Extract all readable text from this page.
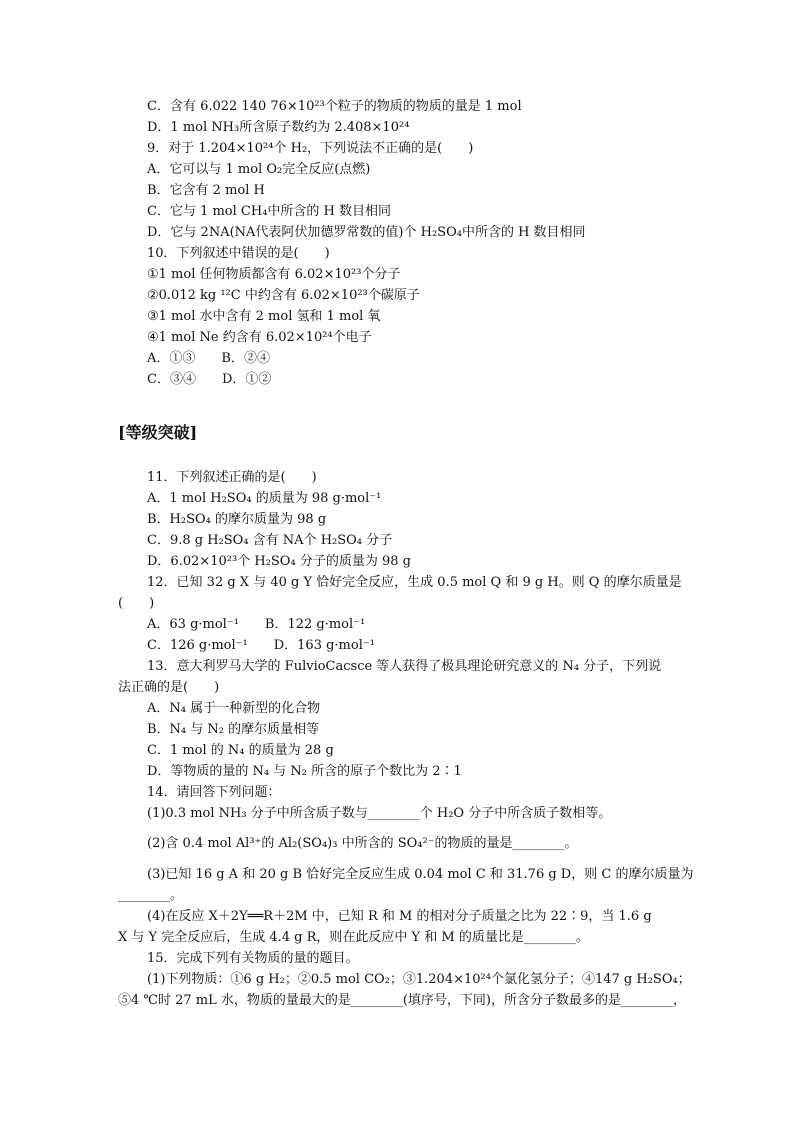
C．含有 6.022 140 76×10²³个粒子的物质的物质的量是 1 mol
D．1 mol NH₃所含原子数约为 2.408×10²⁴
9．对于 1.204×10²⁴个 H₂，下列说法不正确的是(　　)
A．它可以与 1 mol O₂完全反应(点燃)
B．它含有 2 mol H
C．它与 1 mol CH₄中所含的 H 数目相同
D．它与 2NA(NA代表阿伏加德罗常数的值)个 H₂SO₄中所含的 H 数目相同
10．下列叙述中错误的是(　　)
①1 mol 任何物质都含有 6.02×10²³个分子
②0.012 kg ¹²C 中约含有 6.02×10²³个碳原子
③1 mol 水中含有 2 mol 氢和 1 mol 氧
④1 mol Ne 约含有 6.02×10²⁴个电子
A．①③　　B．②④
C．③④　　D．①②
[等级突破]
11．下列叙述正确的是(　　)
A．1 mol H₂SO₄ 的质量为 98 g·mol⁻¹
B．H₂SO₄ 的摩尔质量为 98 g
C．9.8 g H₂SO₄ 含有 NA个 H₂SO₄ 分子
D．6.02×10²³个 H₂SO₄ 分子的质量为 98 g
12．已知 32 g X 与 40 g Y 恰好完全反应，生成 0.5 mol Q 和 9 g H。则 Q 的摩尔质量是
(　　)
A．63 g·mol⁻¹　　B．122 g·mol⁻¹
C．126 g·mol⁻¹　　D．163 g·mol⁻¹
13．意大利罗马大学的 FulvioCacsce 等人获得了极具理论研究意义的 N₄ 分子，下列说
法正确的是(　　)
A．N₄ 属于一种新型的化合物
B．N₄ 与 N₂ 的摩尔质量相等
C．1 mol 的 N₄ 的质量为 28 g
D．等物质的量的 N₄ 与 N₂ 所含的原子个数比为 2∶1
14．请回答下列问题：
(1)0.3 mol NH₃ 分子中所含质子数与________个 H₂O 分子中所含质子数相等。
(2)含 0.4 mol Al³⁺的 Al₂(SO₄)₃ 中所含的 SO₄²⁻的物质的量是________。
(3)已知 16 g A 和 20 g B 恰好完全反应生成 0.04 mol C 和 31.76 g D，则 C 的摩尔质量为
________。
(4)在反应 X＋2Y══R＋2M 中，已知 R 和 M 的相对分子质量之比为 22∶9，当 1.6 g
X 与 Y 完全反应后，生成 4.4 g R，则在此反应中 Y 和 M 的质量比是________。
15．完成下列有关物质的量的题目。
(1)下列物质：①6 g H₂；②0.5 mol CO₂；③1.204×10²⁴个氯化氢分子；④147 g H₂SO₄；
⑤4 ℃时 27 mL 水，物质的量最大的是________(填序号，下同)，所含分子数最多的是________，
